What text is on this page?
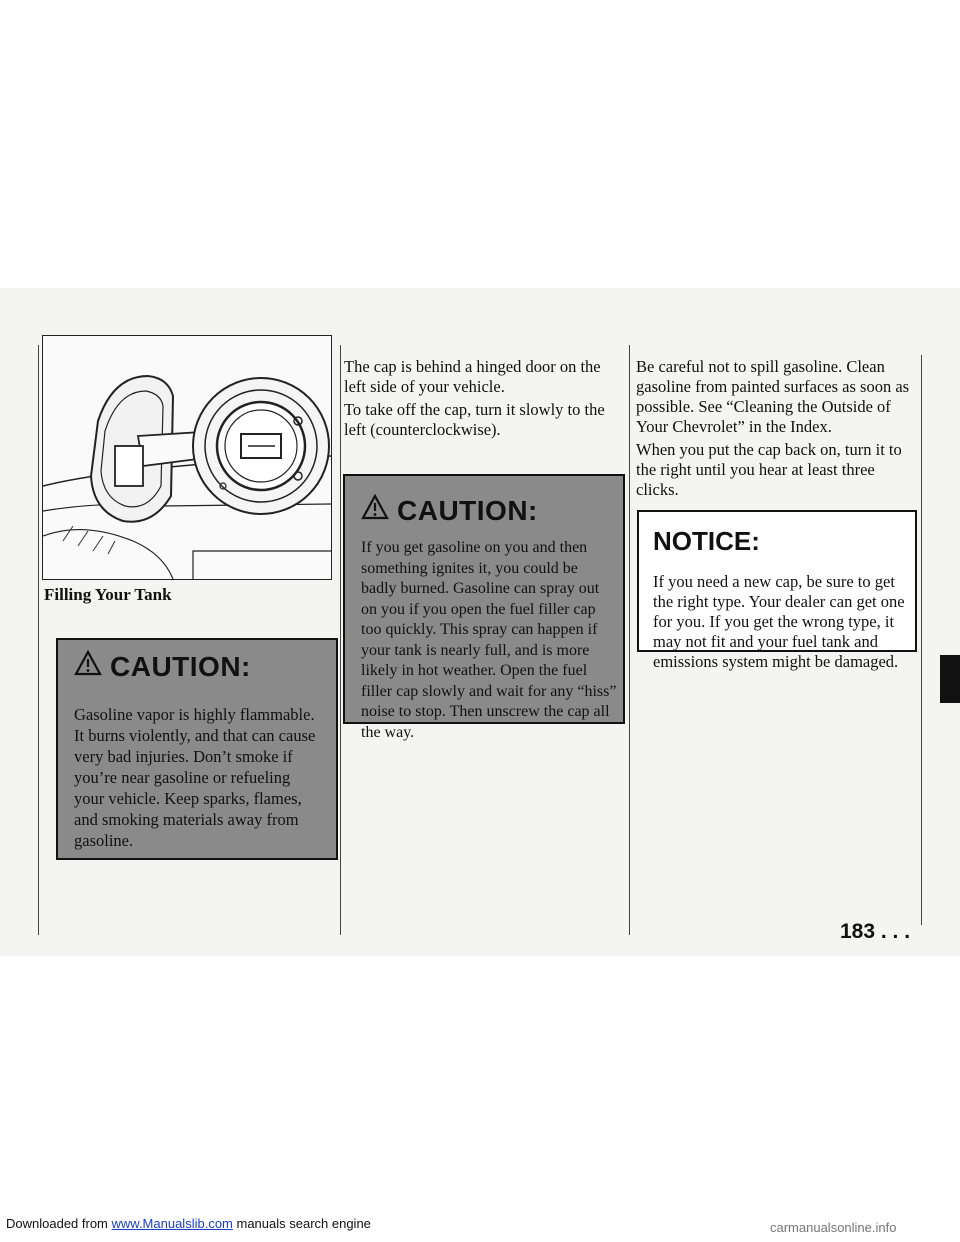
Filling Your Tank
CAUTION:

Gasoline vapor is highly flammable. It burns violently, and that can cause very bad injuries. Don’t smoke if you’re near gasoline or refueling your vehicle. Keep sparks, flames, and smoking materials away from gasoline.

The cap is behind a hinged door on the left side of your vehicle.

To take off the cap, turn it slowly to the left (counterclockwise).

CAUTION:

If you get gasoline on you and then something ignites it, you could be badly burned. Gasoline can spray out on you if you open the fuel filler cap too quickly. This spray can happen if your tank is nearly full, and is more likely in hot weather. Open the fuel filler cap slowly and wait for any “hiss” noise to stop. Then unscrew the cap all the way.

Be careful not to spill gasoline. Clean gasoline from painted surfaces as soon as possible. See “Cleaning the Outside of Your Chevrolet” in the Index.

When you put the cap back on, turn it to the right until you hear at least three clicks.

NOTICE:

If you need a new cap, be sure to get the right type. Your dealer can get one for you. If you get the wrong type, it may not fit and your fuel tank and emissions system might be damaged.

183 . . .
Downloaded from www.Manualslib.com manuals search engine	carmanualsonline.info
